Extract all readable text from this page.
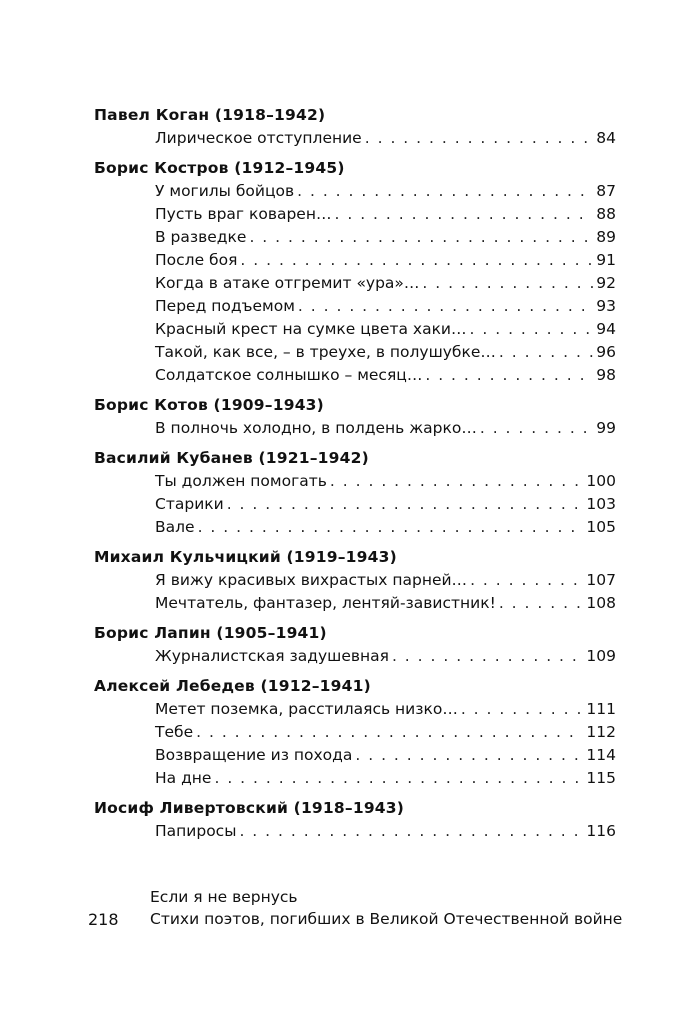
Павел Коган (1918–1942)
Лирическое отступление . . .	84
Борис Костров (1912–1945)
У могилы бойцов . . .	87
Пусть враг коварен… . . .	88
В разведке . . .	89
После боя . . .	91
Когда в атаке отгремит «ура»… . . .	92
Перед подъемом . . .	93
Красный крест на сумке цвета хаки… . . .	94
Такой, как все, – в треухе, в полушубке… . . .	96
Солдатское солнышко – месяц… . . .	98
Борис Котов (1909–1943)
В полночь холодно, в полдень жарко… . . .	99
Василий Кубанев (1921–1942)
Ты должен помогать . . .	100
Старики . . .	103
Вале . . .	105
Михаил Кульчицкий (1919–1943)
Я вижу красивых вихрастых парней… . . .	107
Мечтатель, фантазер, лентяй-завистник! . . .	108
Борис Лапин (1905–1941)
Журналистская задушевная . . .	109
Алексей Лебедев (1912–1941)
Метет поземка, расстилаясь низко… . . .	111
Тебе . . .	112
Возвращение из похода . . .	114
На дне . . .	115
Иосиф Ливертовский (1918–1943)
Папиросы . . .	116
218
Если я не вернусь
Стихи поэтов, погибших в Великой Отечественной войне
